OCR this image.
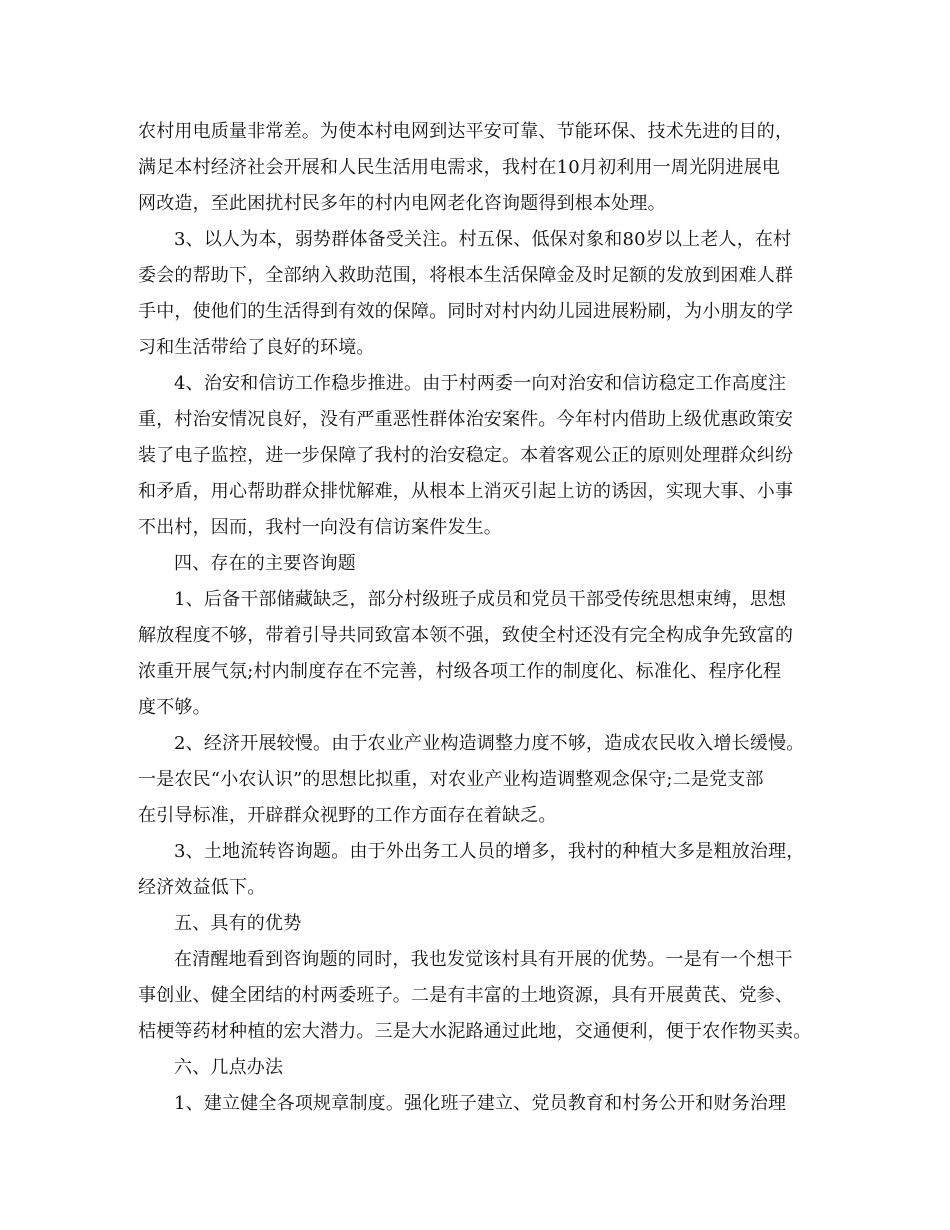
农村用电质量非常差。为使本村电网到达平安可靠、节能环保、技术先进的目的，
满足本村经济社会开展和人民生活用电需求，我村在10月初利用一周光阴进展电
网改造，至此困扰村民多年的村内电网老化咨询题得到根本处理。
3、以人为本，弱势群体备受关注。村五保、低保对象和80岁以上老人，在村
委会的帮助下，全部纳入救助范围，将根本生活保障金及时足额的发放到困难人群
手中，使他们的生活得到有效的保障。同时对村内幼儿园进展粉刷，为小朋友的学
习和生活带给了良好的环境。
4、治安和信访工作稳步推进。由于村两委一向对治安和信访稳定工作高度注
重，村治安情况良好，没有严重恶性群体治安案件。今年村内借助上级优惠政策安
装了电子监控，进一步保障了我村的治安稳定。本着客观公正的原则处理群众纠纷
和矛盾，用心帮助群众排忧解难，从根本上消灭引起上访的诱因，实现大事、小事
不出村，因而，我村一向没有信访案件发生。
四、存在的主要咨询题
1、后备干部储藏缺乏，部分村级班子成员和党员干部受传统思想束缚，思想
解放程度不够，带着引导共同致富本领不强，致使全村还没有完全构成争先致富的
浓重开展气氛;村内制度存在不完善，村级各项工作的制度化、标准化、程序化程
度不够。
2、经济开展较慢。由于农业产业构造调整力度不够，造成农民收入增长缓慢。
一是农民“小农认识”的思想比拟重，对农业产业构造调整观念保守;二是党支部
在引导标准，开辟群众视野的工作方面存在着缺乏。
3、土地流转咨询题。由于外出务工人员的增多，我村的种植大多是粗放治理，
经济效益低下。
五、具有的优势
在清醒地看到咨询题的同时，我也发觉该村具有开展的优势。一是有一个想干
事创业、健全团结的村两委班子。二是有丰富的土地资源，具有开展黄芪、党参、
桔梗等药材种植的宏大潜力。三是大水泥路通过此地，交通便利，便于农作物买卖。
六、几点办法
1、建立健全各项规章制度。强化班子建立、党员教育和村务公开和财务治理
